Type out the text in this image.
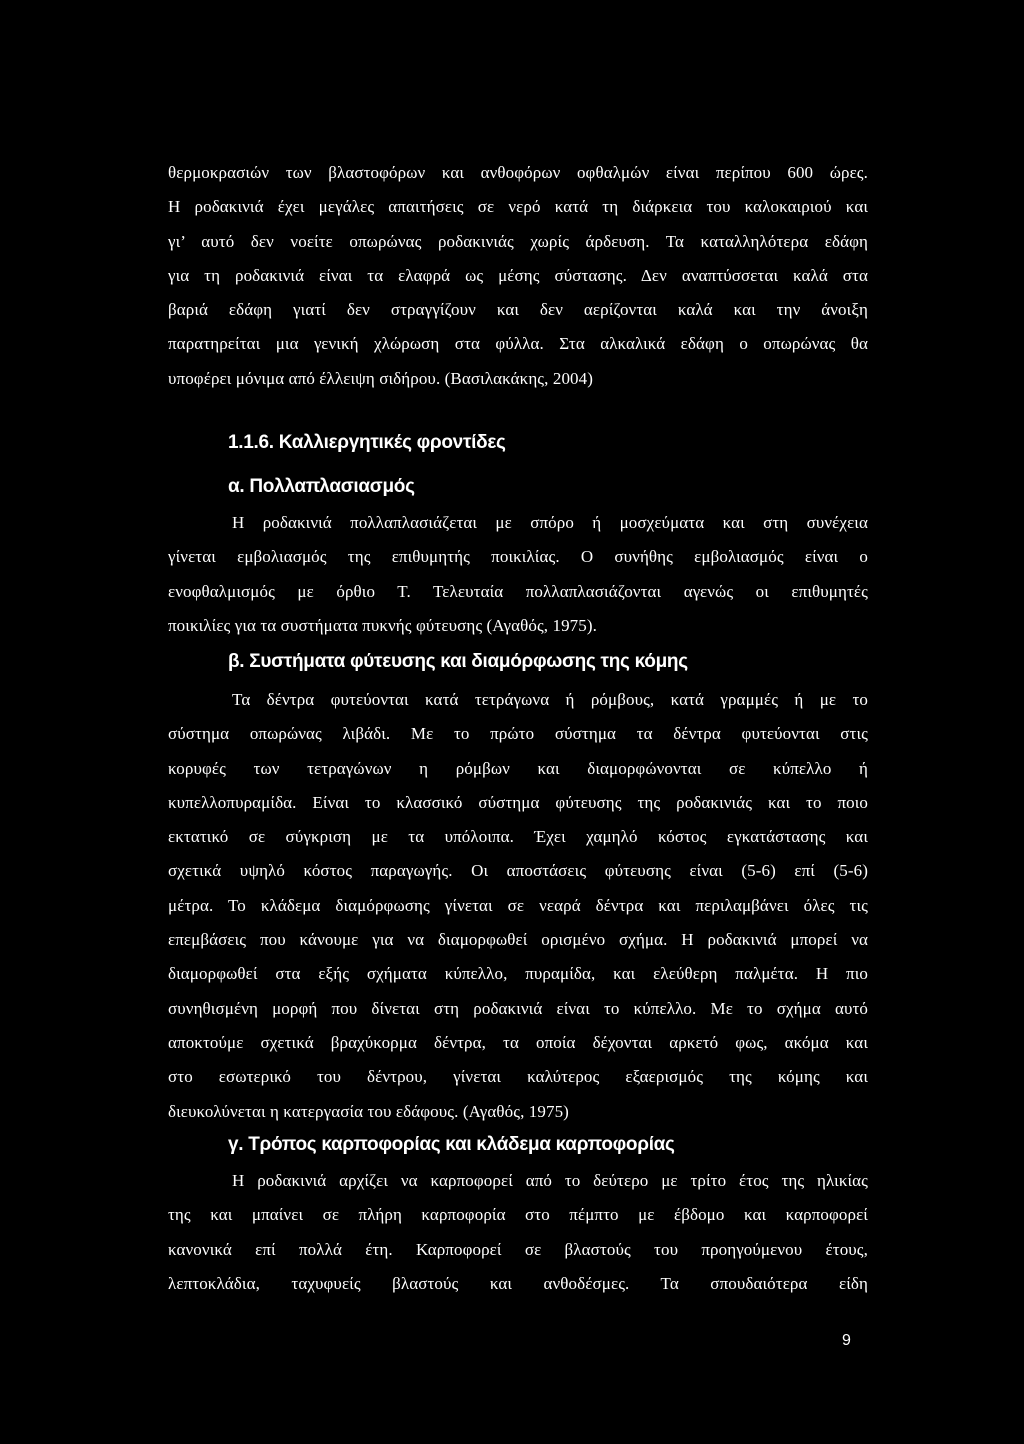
θερμοκρασιών των βλαστοφόρων και ανθοφόρων οφθαλμών είναι περίπου 600 ώρες.
Η ροδακινιά έχει μεγάλες απαιτήσεις σε νερό κατά τη διάρκεια του καλοκαιριού και
γι’ αυτό δεν νοείτε οπωρώνας ροδακινιάς χωρίς άρδευση. Τα καταλληλότερα εδάφη
για τη ροδακινιά είναι τα ελαφρά ως μέσης σύστασης. Δεν αναπτύσσεται καλά στα
βαριά εδάφη γιατί δεν στραγγίζουν και δεν αερίζονται καλά και την άνοιξη
παρατηρείται μια γενική χλώρωση στα φύλλα. Στα αλκαλικά εδάφη ο οπωρώνας θα
υποφέρει μόνιμα από έλλειψη σιδήρου. (Βασιλακάκης, 2004)
1.1.6. Καλλιεργητικές φροντίδες
α. Πολλαπλασιασμός
Η ροδακινιά πολλαπλασιάζεται με σπόρο ή μοσχεύματα και στη συνέχεια
γίνεται εμβολιασμός της επιθυμητής ποικιλίας. Ο συνήθης εμβολιασμός είναι ο
ενοφθαλμισμός με όρθιο Τ. Τελευταία πολλαπλασιάζονται αγενώς οι επιθυμητές
ποικιλίες για τα συστήματα πυκνής φύτευσης (Αγαθός, 1975).
β. Συστήματα φύτευσης και διαμόρφωσης της κόμης
Τα δέντρα φυτεύονται κατά τετράγωνα ή ρόμβους, κατά γραμμές ή με το
σύστημα οπωρώνας λιβάδι. Με το πρώτο σύστημα τα δέντρα φυτεύονται στις
κορυφές των τετραγώνων η ρόμβων και διαμορφώνονται σε κύπελλο ή
κυπελλοπυραμίδα. Είναι το κλασσικό σύστημα φύτευσης της ροδακινιάς και το ποιο
εκτατικό σε σύγκριση με τα υπόλοιπα. Έχει χαμηλό κόστος εγκατάστασης και
σχετικά υψηλό κόστος παραγωγής. Οι αποστάσεις φύτευσης είναι (5-6) επί (5-6)
μέτρα. Το κλάδεμα διαμόρφωσης γίνεται σε νεαρά δέντρα και περιλαμβάνει όλες τις
επεμβάσεις που κάνουμε για να διαμορφωθεί ορισμένο σχήμα. Η ροδακινιά μπορεί να
διαμορφωθεί στα εξής σχήματα κύπελλο, πυραμίδα, και ελεύθερη παλμέτα. Η πιο
συνηθισμένη μορφή που δίνεται στη ροδακινιά είναι το κύπελλο. Με το σχήμα αυτό
αποκτούμε σχετικά βραχύκορμα δέντρα, τα οποία δέχονται αρκετό φως, ακόμα και
στο εσωτερικό του δέντρου, γίνεται καλύτερος εξαερισμός της κόμης και
διευκολύνεται η κατεργασία του εδάφους. (Αγαθός, 1975)
γ. Τρόπος καρποφορίας και κλάδεμα καρποφορίας
Η ροδακινιά αρχίζει να καρποφορεί από το δεύτερο με τρίτο έτος της ηλικίας
της και μπαίνει σε πλήρη καρποφορία στο πέμπτο με έβδομο και καρποφορεί
κανονικά επί πολλά έτη. Καρποφορεί σε βλαστούς του προηγούμενου έτους,
λεπτοκλάδια, ταχυφυείς βλαστούς και ανθοδέσμες. Τα σπουδαιότερα είδη
9
